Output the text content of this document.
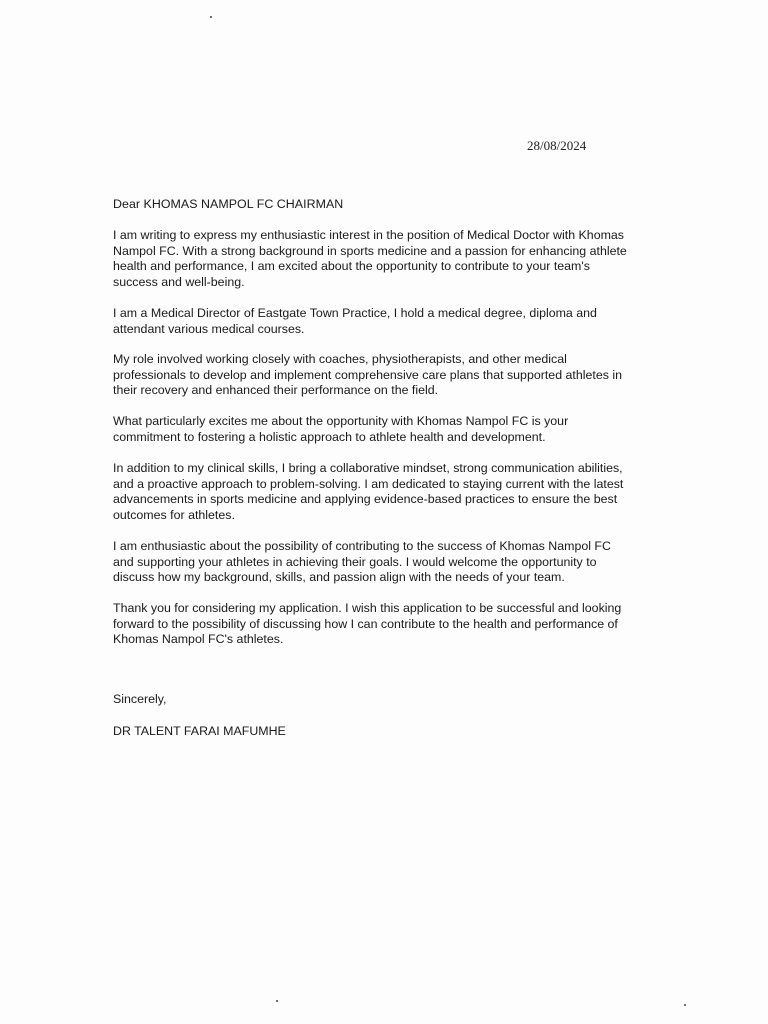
28/08/2024
Dear KHOMAS NAMPOL FC CHAIRMAN

I am writing to express my enthusiastic interest in the position of Medical Doctor with Khomas Nampol FC. With a strong background in sports medicine and a passion for enhancing athlete health and performance, I am excited about the opportunity to contribute to your team's success and well-being.

I am a Medical Director of Eastgate Town Practice, I hold a medical degree, diploma and attendant various medical courses.

My role involved working closely with coaches, physiotherapists, and other medical professionals to develop and implement comprehensive care plans that supported athletes in their recovery and enhanced their performance on the field.

What particularly excites me about the opportunity with Khomas Nampol FC is your commitment to fostering a holistic approach to athlete health and development.

In addition to my clinical skills, I bring a collaborative mindset, strong communication abilities, and a proactive approach to problem-solving. I am dedicated to staying current with the latest advancements in sports medicine and applying evidence-based practices to ensure the best outcomes for athletes.

I am enthusiastic about the possibility of contributing to the success of Khomas Nampol FC and supporting your athletes in achieving their goals. I would welcome the opportunity to discuss how my background, skills, and passion align with the needs of your team.

Thank you for considering my application. I wish this application to be successful and looking forward to the possibility of discussing how I can contribute to the health and performance of Khomas Nampol FC's athletes.

Sincerely,
DR TALENT FARAI MAFUMHE
